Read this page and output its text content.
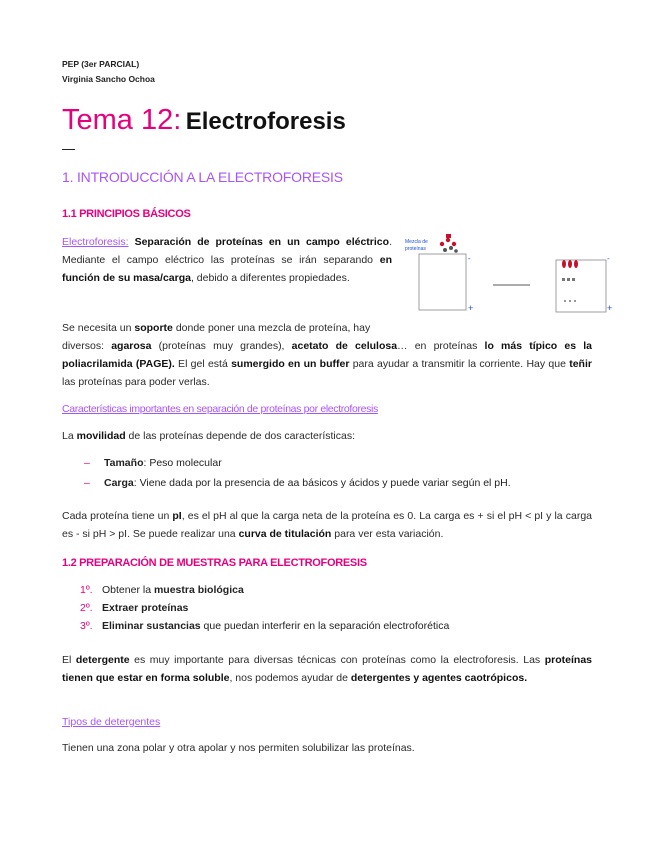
PEP (3er PARCIAL)
Virginia Sancho Ochoa
Tema 12: Electroforesis
1. INTRODUCCIÓN A LA ELECTROFORESIS
1.1 PRINCIPIOS BÁSICOS
Electroforesis: Separación de proteínas en un campo eléctrico. Mediante el campo eléctrico las proteínas se irán separando en función de su masa/carga, debido a diferentes propiedades.
Mezcla de
proteínas
-
+
-
+
Se necesita un soporte donde poner una mezcla de proteína, hay
diversos: agarosa (proteínas muy grandes), acetato de celulosa… en proteínas lo más típico es la poliacrilamida (PAGE). El gel está sumergido en un buffer para ayudar a transmitir la corriente. Hay que teñir las proteínas para poder verlas.
Características importantes en separación de proteínas por electroforesis
La movilidad de las proteínas depende de dos características:
– Tamaño: Peso molecular
– Carga: Viene dada por la presencia de aa básicos y ácidos y puede variar según el pH.
Cada proteína tiene un pI, es el pH al que la carga neta de la proteína es 0. La carga es + si el pH < pI y la carga es - si pH > pI. Se puede realizar una curva de titulación para ver esta variación.
1.2 PREPARACIÓN DE MUESTRAS PARA ELECTROFORESIS
1º. Obtener la muestra biológica
2º. Extraer proteínas
3º. Eliminar sustancias que puedan interferir en la separación electroforética
El detergente es muy importante para diversas técnicas con proteínas como la electroforesis. Las proteínas tienen que estar en forma soluble, nos podemos ayudar de detergentes y agentes caotrópicos.
Tipos de detergentes
Tienen una zona polar y otra apolar y nos permiten solubilizar las proteínas.
